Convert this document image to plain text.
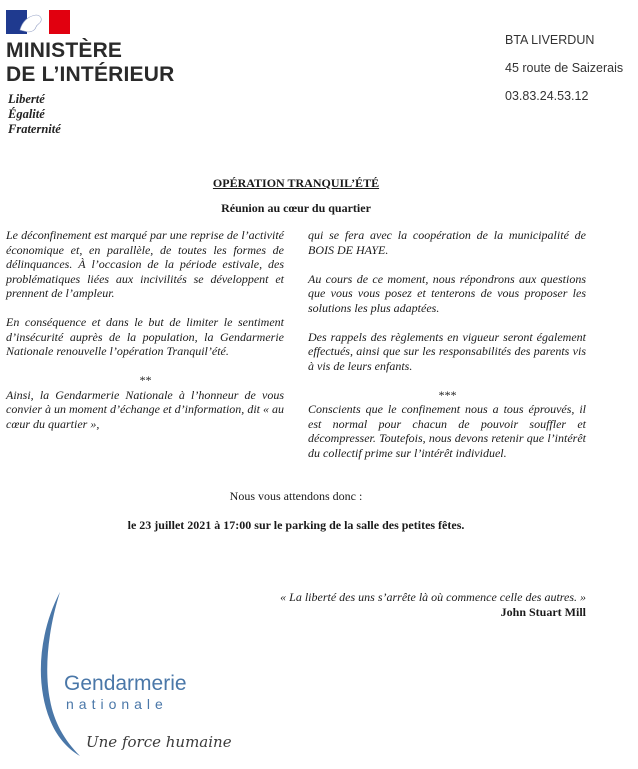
MINISTÈRE
DE L’INTÉRIEUR
Liberté
Égalité
Fraternité
BTA LIVERDUN
45 route de Saizerais
03.83.24.53.12
OPÉRATION TRANQUIL’ÉTÉ
Réunion au cœur du quartier

Le déconfinement est marqué par une reprise de l’activité économique et, en parallèle, de toutes les formes de délinquances. À l’occasion de la période estivale, des problématiques liées aux incivilités se développent et prennent de l’ampleur.

En conséquence et dans le but de limiter le sentiment d’insécurité auprès de la population, la Gendarmerie Nationale renouvelle l’opération Tranquil’été.

**

Ainsi, la Gendarmerie Nationale à l’honneur de vous convier à un moment d’échange et d’information, dit « au cœur du quartier »,

qui se fera avec la coopération de la municipalité de BOIS DE HAYE.

Au cours de ce moment, nous répondrons aux questions que vous vous posez et tenterons de vous proposer les solutions les plus adaptées.

Des rappels des règlements en vigueur seront également effectués, ainsi que sur les responsabilités des parents vis à vis de leurs enfants.

***

Conscients que le confinement nous a tous éprouvés, il est normal pour chacun de pouvoir souffler et décompresser. Toutefois, nous devons retenir que l’intérêt du collectif prime sur l’intérêt individuel.

Nous vous attendons donc :
le 23 juillet 2021 à 17:00 sur le parking de la salle des petites fêtes.
« La liberté des uns s’arrête là où commence celle des autres. »
John Stuart Mill
Gendarmerie
nationale
Une force humaine
